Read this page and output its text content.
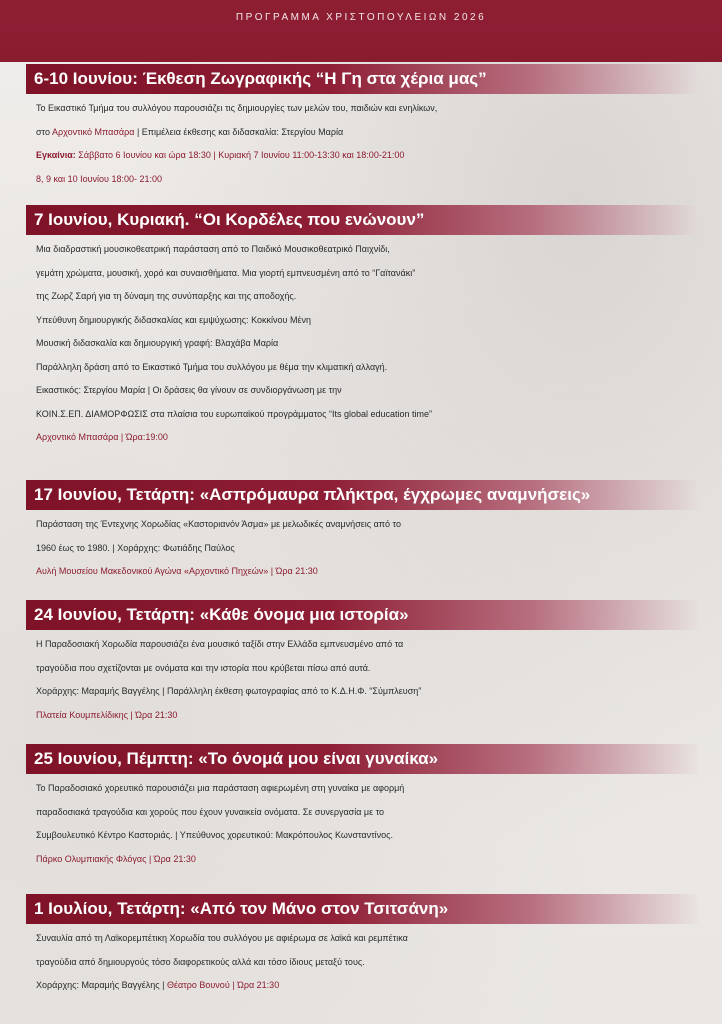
ΠΡΟΓΡΑΜΜΑ ΧΡΙΣΤΟΠΟΥΛΕΙΩΝ 2026
6-10 Ιουνίου: Έκθεση Ζωγραφικής “Η Γη στα χέρια μας”
Το Εικαστικό Τμήμα του συλλόγου παρουσιάζει τις δημιουργίες των μελών του, παιδιών και ενηλίκων,
στο Αρχοντικό Μπασάρα | Επιμέλεια έκθεσης και διδασκαλία: Στεργίου Μαρία
Εγκαίνια: Σάββατο 6 Ιουνίου και ώρα 18:30 | Κυριακή 7 Ιουνίου 11:00-13:30 και 18:00-21:00
8, 9 και 10 Ιουνίου 18:00- 21:00
7 Ιουνίου, Κυριακή. “Οι Κορδέλες που ενώνουν”
Μια διαδραστική μουσικοθεατρική παράσταση από το Παιδικό Μουσικοθεατρικό Παιχνίδι,
γεμάτη χρώματα, μουσική, χορό και συναισθήματα. Μια γιορτή εμπνευσμένη από το “Γαϊτανάκι”
της Ζωρζ Σαρή για τη δύναμη της συνύπαρξης και της αποδοχής.
Υπεύθυνη δημιουργικής διδασκαλίας και εμψύχωσης: Κοκκίνου Μένη
Μουσική διδασκαλία και δημιουργική γραφή: Βλαχάβα Μαρία
Παράλληλη δράση από το Εικαστικό Τμήμα του συλλόγου με θέμα την κλιματική αλλαγή.
Εικαστικός: Στεργίου Μαρία | Οι δράσεις θα γίνουν σε συνδιοργάνωση με την
ΚΟΙΝ.Σ.ΕΠ. ΔΙΑΜΟΡΦΩΣΙΣ στα πλαίσια του ευρωπαϊκού προγράμματος “Its global education time”
Αρχοντικό Μπασάρα | Ώρα:19:00
17 Ιουνίου, Τετάρτη: «Ασπρόμαυρα πλήκτρα, έγχρωμες αναμνήσεις»
Παράσταση της Έντεχνης Χορωδίας «Καστοριανόν Άσμα» με μελωδικές αναμνήσεις από το
1960 έως το 1980. | Χοράρχης: Φωτιάδης Παύλος
Αυλή Μουσείου Μακεδονικού Αγώνα «Αρχοντικό Πηχεών» | Ώρα 21:30
24 Ιουνίου, Τετάρτη: «Κάθε όνομα μια ιστορία»
Η Παραδοσιακή Χορωδία παρουσιάζει ένα μουσικό ταξίδι στην Ελλάδα εμπνευσμένο από τα
τραγούδια που σχετίζονται με ονόματα και την ιστορία που κρύβεται πίσω από αυτά.
Χοράρχης: Μαραμής Βαγγέλης | Παράλληλη έκθεση φωτογραφίας από το Κ.Δ.Η.Φ. “Σύμπλευση”
Πλατεία Κουμπελίδικης | Ώρα 21:30
25 Ιουνίου, Πέμπτη: «Το όνομά μου είναι γυναίκα»
Το Παραδοσιακό χορευτικό παρουσιάζει μια παράσταση αφιερωμένη στη γυναίκα με αφορμή
παραδοσιακά τραγούδια και χορούς που έχουν γυναικεία ονόματα. Σε συνεργασία με το
Συμβουλευτικό Κέντρο Καστοριάς. | Υπεύθυνος χορευτικού: Μακρόπουλος Κωνσταντίνος.
Πάρκο Ολυμπιακής Φλόγας | Ώρα 21:30
1 Ιουλίου, Τετάρτη: «Από τον Μάνο στον Τσιτσάνη»
Συναυλία από τη Λαϊκορεμπέτικη Χορωδία του συλλόγου με αφιέρωμα σε λαϊκά και ρεμπέτικα
τραγούδια από δημιουργούς τόσο διαφορετικούς αλλά και τόσο ίδιους μεταξύ τους.
Χοράρχης: Μαραμής Βαγγέλης | Θέατρο Βουνού | Ώρα 21:30
